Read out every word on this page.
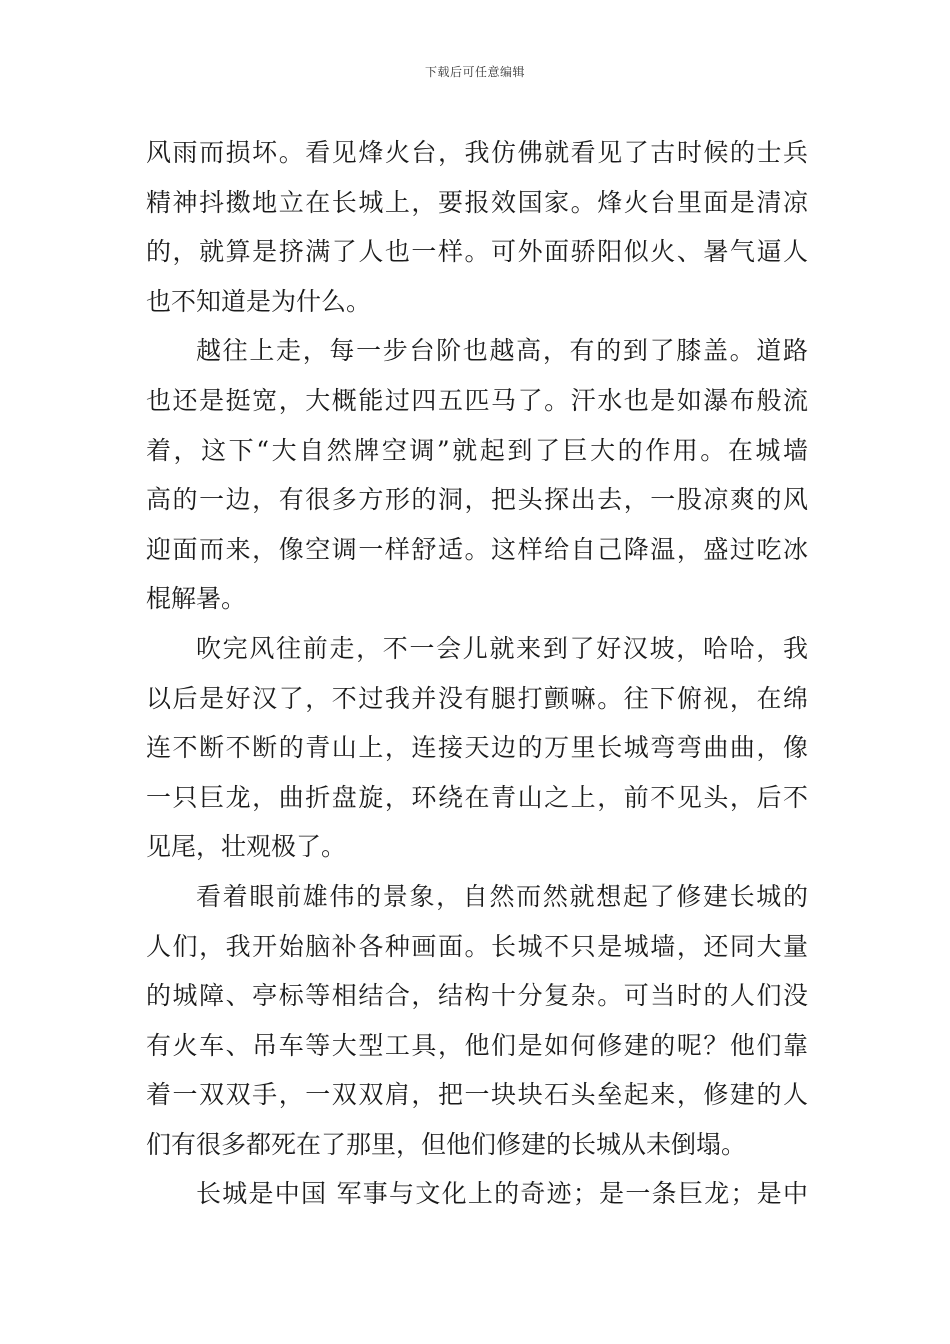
下载后可任意编辑
风雨而损坏。看见烽火台，我仿佛就看见了古时候的士兵
精神抖擞地立在长城上，要报效国家。烽火台里面是清凉
的，就算是挤满了人也一样。可外面骄阳似火、暑气逼人
也不知道是为什么。
越往上走，每一步台阶也越高，有的到了膝盖。道路
也还是挺宽，大概能过四五匹马了。汗水也是如瀑布般流
着，这下“大自然牌空调”就起到了巨大的作用。在城墙
高的一边，有很多方形的洞，把头探出去，一股凉爽的风
迎面而来，像空调一样舒适。这样给自己降温，盛过吃冰
棍解暑。
吹完风往前走，不一会儿就来到了好汉坡，哈哈，我
以后是好汉了，不过我并没有腿打颤嘛。往下俯视，在绵
连不断不断的青山上，连接天边的万里长城弯弯曲曲，像
一只巨龙，曲折盘旋，环绕在青山之上，前不见头，后不
见尾，壮观极了。
看着眼前雄伟的景象，自然而然就想起了修建长城的
人们，我开始脑补各种画面。长城不只是城墙，还同大量
的城障、亭标等相结合，结构十分复杂。可当时的人们没
有火车、吊车等大型工具，他们是如何修建的呢？他们靠
着一双双手，一双双肩，把一块块石头垒起来，修建的人
们有很多都死在了那里，但他们修建的长城从未倒塌。
长城是中国 军事与文化上的奇迹；是一条巨龙；是中
